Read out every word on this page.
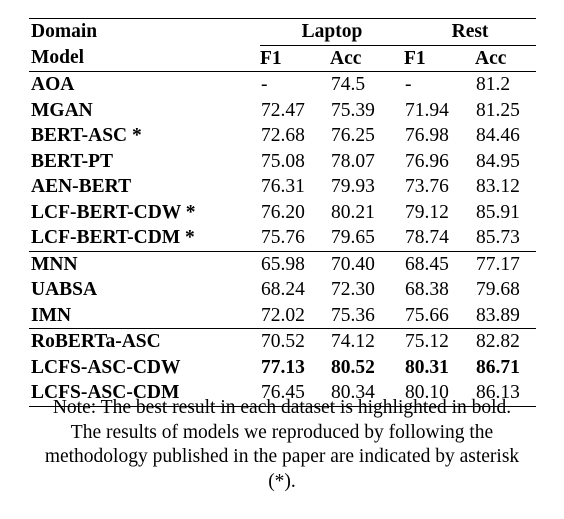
Domain	Laptop		Rest	
Model	F1	Acc	F1	Acc
AOA	-	74.5	-	81.2
MGAN	72.47	75.39	71.94	81.25
BERT-ASC *	72.68	76.25	76.98	84.46
BERT-PT	75.08	78.07	76.96	84.95
AEN-BERT	76.31	79.93	73.76	83.12
LCF-BERT-CDW *	76.20	80.21	79.12	85.91
LCF-BERT-CDM *	75.76	79.65	78.74	85.73
MNN	65.98	70.40	68.45	77.17
UABSA	68.24	72.30	68.38	79.68
IMN	72.02	75.36	75.66	83.89
RoBERTa-ASC	70.52	74.12	75.12	82.82
LCFS-ASC-CDW	77.13	80.52	80.31	86.71
LCFS-ASC-CDM	76.45	80.34	80.10	86.13
Note: The best result in each dataset is highlighted in bold.
The results of models we reproduced by following the
methodology published in the paper are indicated by asterisk
(*).
